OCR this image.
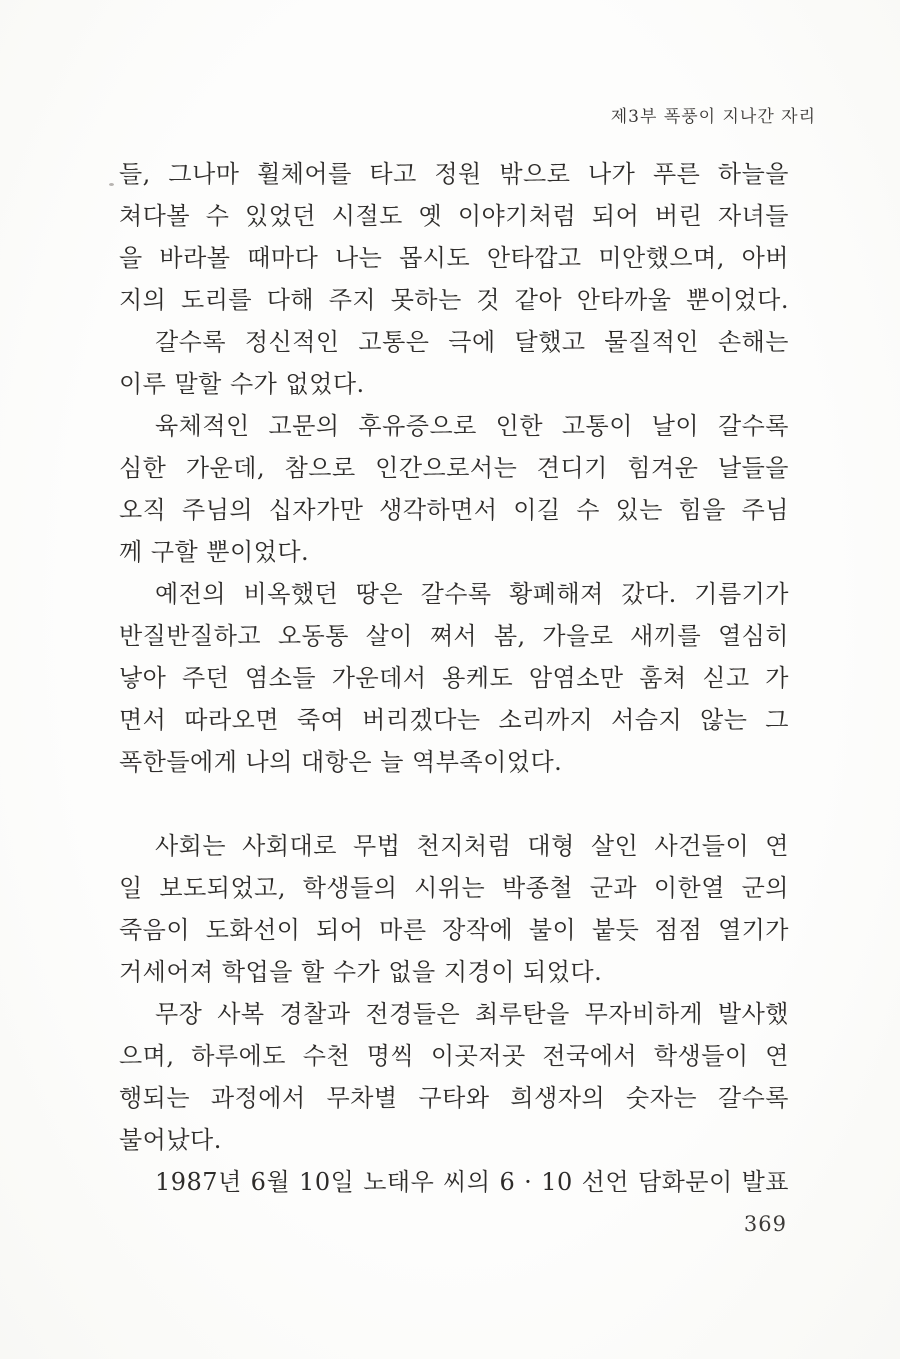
제3부 폭풍이 지나간 자리
들, 그나마 휠체어를 타고 정원 밖으로 나가 푸른 하늘을
쳐다볼 수 있었던 시절도 옛 이야기처럼 되어 버린 자녀들
을 바라볼 때마다 나는 몹시도 안타깝고 미안했으며, 아버
지의 도리를 다해 주지 못하는 것 같아 안타까울 뿐이었다.
갈수록 정신적인 고통은 극에 달했고 물질적인 손해는
이루 말할 수가 없었다.
육체적인 고문의 후유증으로 인한 고통이 날이 갈수록
심한 가운데, 참으로 인간으로서는 견디기 힘겨운 날들을
오직 주님의 십자가만 생각하면서 이길 수 있는 힘을 주님
께 구할 뿐이었다.
예전의 비옥했던 땅은 갈수록 황폐해져 갔다. 기름기가
반질반질하고 오동통 살이 쪄서 봄, 가을로 새끼를 열심히
낳아 주던 염소들 가운데서 용케도 암염소만 훔쳐 싣고 가
면서 따라오면 죽여 버리겠다는 소리까지 서슴지 않는 그
폭한들에게 나의 대항은 늘 역부족이었다.
사회는 사회대로 무법 천지처럼 대형 살인 사건들이 연
일 보도되었고, 학생들의 시위는 박종철 군과 이한열 군의
죽음이 도화선이 되어 마른 장작에 불이 붙듯 점점 열기가
거세어져 학업을 할 수가 없을 지경이 되었다.
무장 사복 경찰과 전경들은 최루탄을 무자비하게 발사했
으며, 하루에도 수천 명씩 이곳저곳 전국에서 학생들이 연
행되는 과정에서 무차별 구타와 희생자의 숫자는 갈수록
불어났다.
1987년 6월 10일 노태우 씨의 6 · 10 선언 담화문이 발표
369
